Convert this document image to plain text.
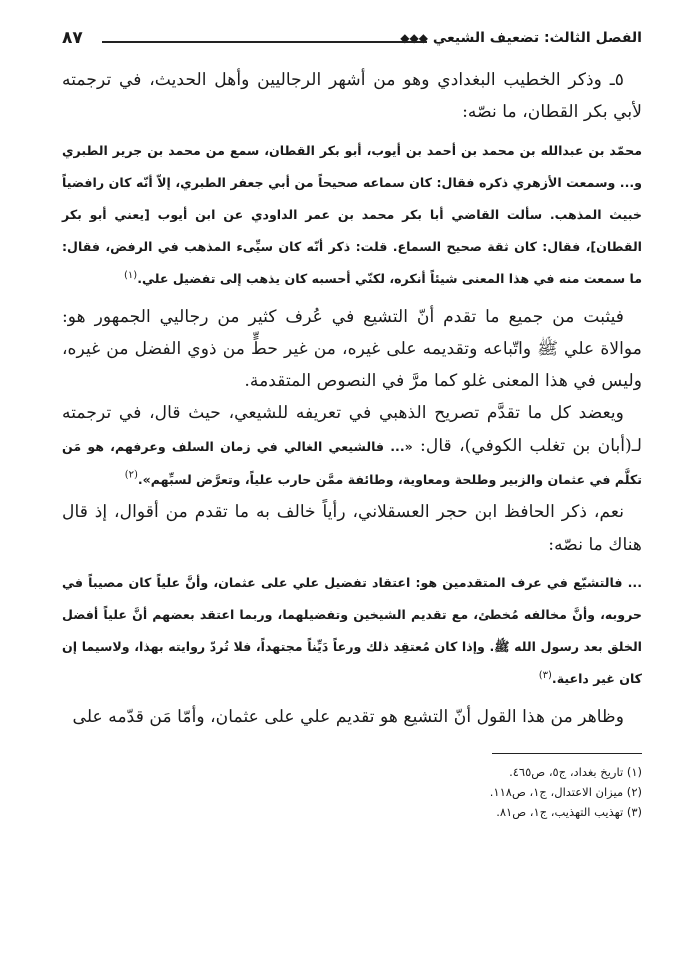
الفصل الثالث: تضعيف الشيعي ◆◆◆
٨٧

٥ـ وذكر الخطيب البغدادي وهو من أشهر الرجاليين وأهل الحديث، في ترجمته لأبي بكر القطان، ما نصّه:

محمّد بن عبدالله بن محمد بن أحمد بن أيوب، أبو بكر القطان، سمع من محمد بن جرير الطبري و... وسمعت الأزهري ذكره فقال: كان سماعه صحيحاً من أبي جعفر الطبري، إلاّ أنّه كان رافضياً خبيث المذهب. سألت القاضي أبا بكر محمد بن عمر الداودي عن ابن أيوب [يعني أبو بكر القطان]، فقال: كان ثقة صحيح السماع. قلت: ذكر أنّه كان سيِّىء المذهب في الرفض، فقال: ما سمعت منه في هذا المعنى شيئاً أنكره، لكنّي أحسبه كان يذهب إلى تفضيل علي.$^{(١)}$

فيثبت من جميع ما تقدم أنّ التشيع في عُرف كثير من رجاليي الجمهور هو: موالاة علي ﷺ واتّباعه وتقديمه على غيره، من غير حطٍّ من ذوي الفضل من غيره، وليس في هذا المعنى غلو كما مرَّ في النصوص المتقدمة.

ويعضد كل ما تقدَّم تصريح الذهبي في تعريفه للشيعي، حيث قال، في ترجمته لـ(أبان بن تغلب الكوفي)، قال: «... فالشيعي الغالي في زمان السلف وعرفهم، هو مَن تكلَّم في عثمان والزبير وطلحة ومعاوية، وطائفة ممَّن حارب علياً، وتعرَّض لسبِّهم».$^{(٢)}$

نعم، ذكر الحافظ ابن حجر العسقلاني، رأياً خالف به ما تقدم من أقوال، إذ قال هناك ما نصّه:

... فالتشيّع في عرف المتقدمين هو: اعتقاد تفضيل علي على عثمان، وأنَّ علياً كان مصيباً في حروبه، وأنَّ مخالفه مُخطئ، مع تقديم الشيخين وتفضيلهما، وربما اعتقد بعضهم أنَّ علياً أفضل الخلق بعد رسول الله ﷺ. وإذا كان مُعتقِد ذلك ورعاً دَيِّناً مجتهداً، فلا تُردّ روايته بهذا، ولاسيما إن كان غير داعية.$^{(٣)}$

وظاهر من هذا القول أنّ التشيع هو تقديم علي على عثمان، وأمّا مَن قدّمه على

(١) تاريخ بغداد، ج٥، ص٤٦٥.

(٢) ميزان الاعتدال، ج١، ص١١٨.

(٣) تهذيب التهذيب، ج١، ص٨١.
